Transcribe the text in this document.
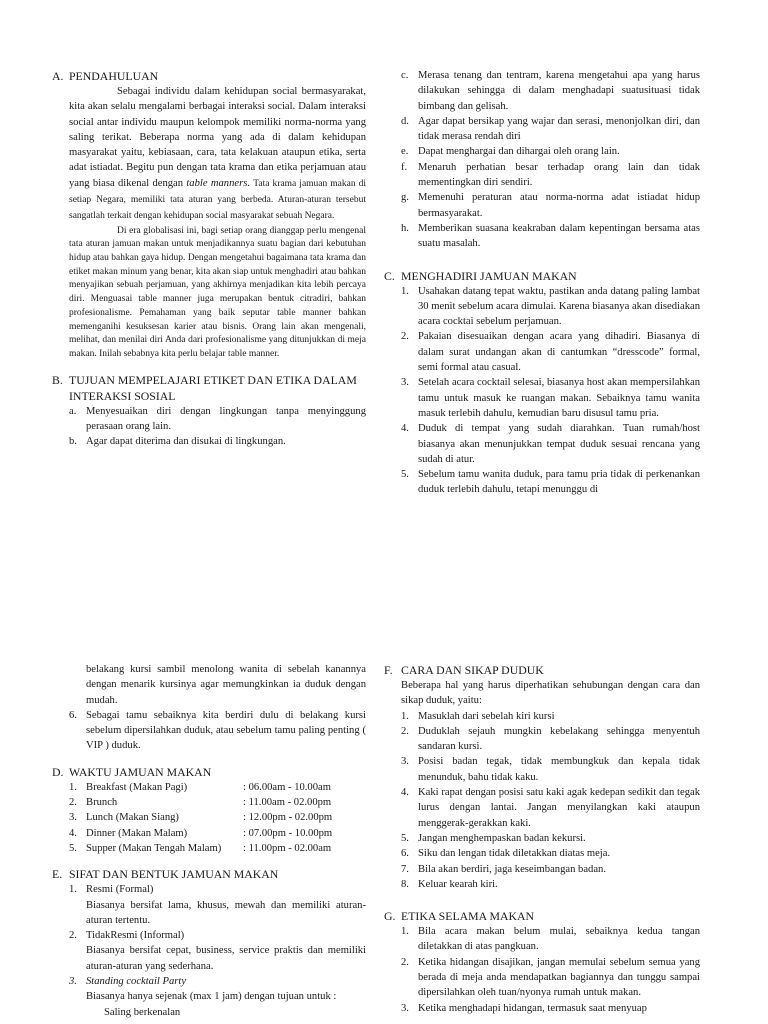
A. PENDAHULUAN

Sebagai individu dalam kehidupan social bermasyarakat, kita akan selalu mengalami berbagai interaksi social. Dalam interaksi social antar individu maupun kelompok memiliki norma-norma yang saling terikat. Beberapa norma yang ada di dalam kehidupan masyarakat yaitu, kebiasaan, cara, tata kelakuan ataupun etika, serta adat istiadat. Begitu pun dengan tata krama dan etika perjamuan atau yang biasa dikenal dengan table manners. Tata krama jamuan makan di setiap Negara, memiliki tata aturan yang berbeda. Aturan-aturan tersebut sangatlah terkait dengan kehidupan social masyarakat sebuah Negara.

Di era globalisasi ini, bagi setiap orang dianggap perlu mengenal tata aturan jamuan makan untuk menjadikannya suatu bagian dari kebutuhan hidup atau bahkan gaya hidup. Dengan mengetahui bagaimana tata krama dan etiket makan minum yang benar, kita akan siap untuk menghadiri atau bahkan menyajikan sebuah perjamuan, yang akhirnya menjadikan kita lebih percaya diri. Menguasai table manner juga merupakan bentuk citradiri, bahkan profesionalisme. Pemahaman yang baik seputar table manner bahkan memenganihi kesuksesan karier atau bisnis. Orang lain akan mengenali, melihat, dan menilai diri Anda dari profesionalisme yang ditunjukkan di meja makan. Inilah sebabnya kita perlu belajar table manner.

B. TUJUAN MEMPELAJARI ETIKET DAN ETIKA DALAM INTERAKSI SOSIAL
a. Menyesuaikan diri dengan lingkungan tanpa menyinggung perasaan orang lain.
b. Agar dapat diterima dan disukai di lingkungan.
c. Merasa tenang dan tentram, karena mengetahui apa yang harus dilakukan sehingga di dalam menghadapi suatusituasi tidak bimbang dan gelisah.
d. Agar dapat bersikap yang wajar dan serasi, menonjolkan diri, dan tidak merasa rendah diri
e. Dapat menghargai dan dihargai oleh orang lain.
f.	Menaruh perhatian besar terhadap orang lain dan tidak mementingkan diri sendiri.
g. Memenuhi peraturan atau norma-norma adat istiadat hidup bermasyarakat.
h. Memberikan suasana keakraban dalam kepentingan bersama atas suatu masalah.
C. MENGHADIRI JAMUAN MAKAN
1. Usahakan datang tepat waktu, pastikan anda datang paling lambat 30 menit sebelum acara dimulai. Karena biasanya akan disediakan acara cocktai sebelum perjamuan.
2. Pakaian disesuaikan dengan acara yang dihadiri. Biasanya di dalam surat undangan akan di cantumkan “dresscode” formal, semi formal atau casual.
3. Setelah acara cocktail selesai, biasanya host akan mempersilahkan tamu untuk masuk ke ruangan makan. Sebaiknya tamu wanita masuk terlebih dahulu, kemudian baru disusul tamu pria.
4. Duduk di tempat yang sudah diarahkan. Tuan rumah/host biasanya akan menunjukkan tempat duduk sesuai rencana yang sudah di atur.
5. Sebelum tamu wanita duduk, para tamu pria tidak di perkenankan duduk terlebih dahulu, tetapi menunggu di

belakang kursi sambil menolong wanita di sebelah kanannya dengan menarik kursinya agar memungkinkan ia duduk dengan mudah.

6. Sebagai tamu sebaiknya kita berdiri dulu di belakang kursi sebelum dipersilahkan duduk, atau sebelum tamu paling penting ( VIP ) duduk.
D. WAKTU JAMUAN MAKAN
1. Breakfast (Makan Pagi)	: 06.00am - 10.00am
2. Brunch	: 11.00am - 02.00pm
3. Lunch (Makan Siang)	: 12.00pm - 02.00pm
4. Dinner (Makan Malam)	: 07.00pm - 10.00pm
5. Supper (Makan Tengah Malam)	: 11.00pm - 02.00am
E. SIFAT DAN BENTUK JAMUAN MAKAN
1. Resmi (Formal)

Biasanya bersifat lama, khusus, mewah dan memiliki aturan-aturan tertentu.

2. TidakResmi (Informal)

Biasanya bersifat cepat, business, service praktis dan memiliki aturan-aturan yang sederhana.

3. Standing cocktail Party

Biasanya hanya sejenak (max 1 jam) dengan tujuan untuk :

Saling berkenalan

F. CARA DAN SIKAP DUDUK

Beberapa hal yang harus diperhatikan sehubungan dengan cara dan sikap duduk, yaitu:

1. Masuklah dari sebelah kiri kursi
2. Duduklah sejauh mungkin kebelakang sehingga menyentuh sandaran kursi.
3. Posisi badan tegak, tidak membungkuk dan kepala tidak menunduk, bahu tidak kaku.
4. Kaki rapat dengan posisi satu kaki agak kedepan sedikit dan tegak lurus dengan lantai. Jangan menyilangkan kaki ataupun menggerak-gerakkan kaki.
5. Jangan menghempaskan badan kekursi.
6. Siku dan lengan tidak diletakkan diatas meja.
7. Bila akan berdiri, jaga keseimbangan badan.
8. Keluar kearah kiri.
G. ETIKA SELAMA MAKAN
1. Bila acara makan belum mulai, sebaiknya kedua tangan diletakkan di atas pangkuan.
2. Ketika hidangan disajikan, jangan memulai sebelum semua yang berada di meja anda mendapatkan bagiannya dan tunggu sampai dipersilahkan oleh tuan/nyonya rumah untuk makan.
3. Ketika menghadapi hidangan, termasuk saat menyuap
